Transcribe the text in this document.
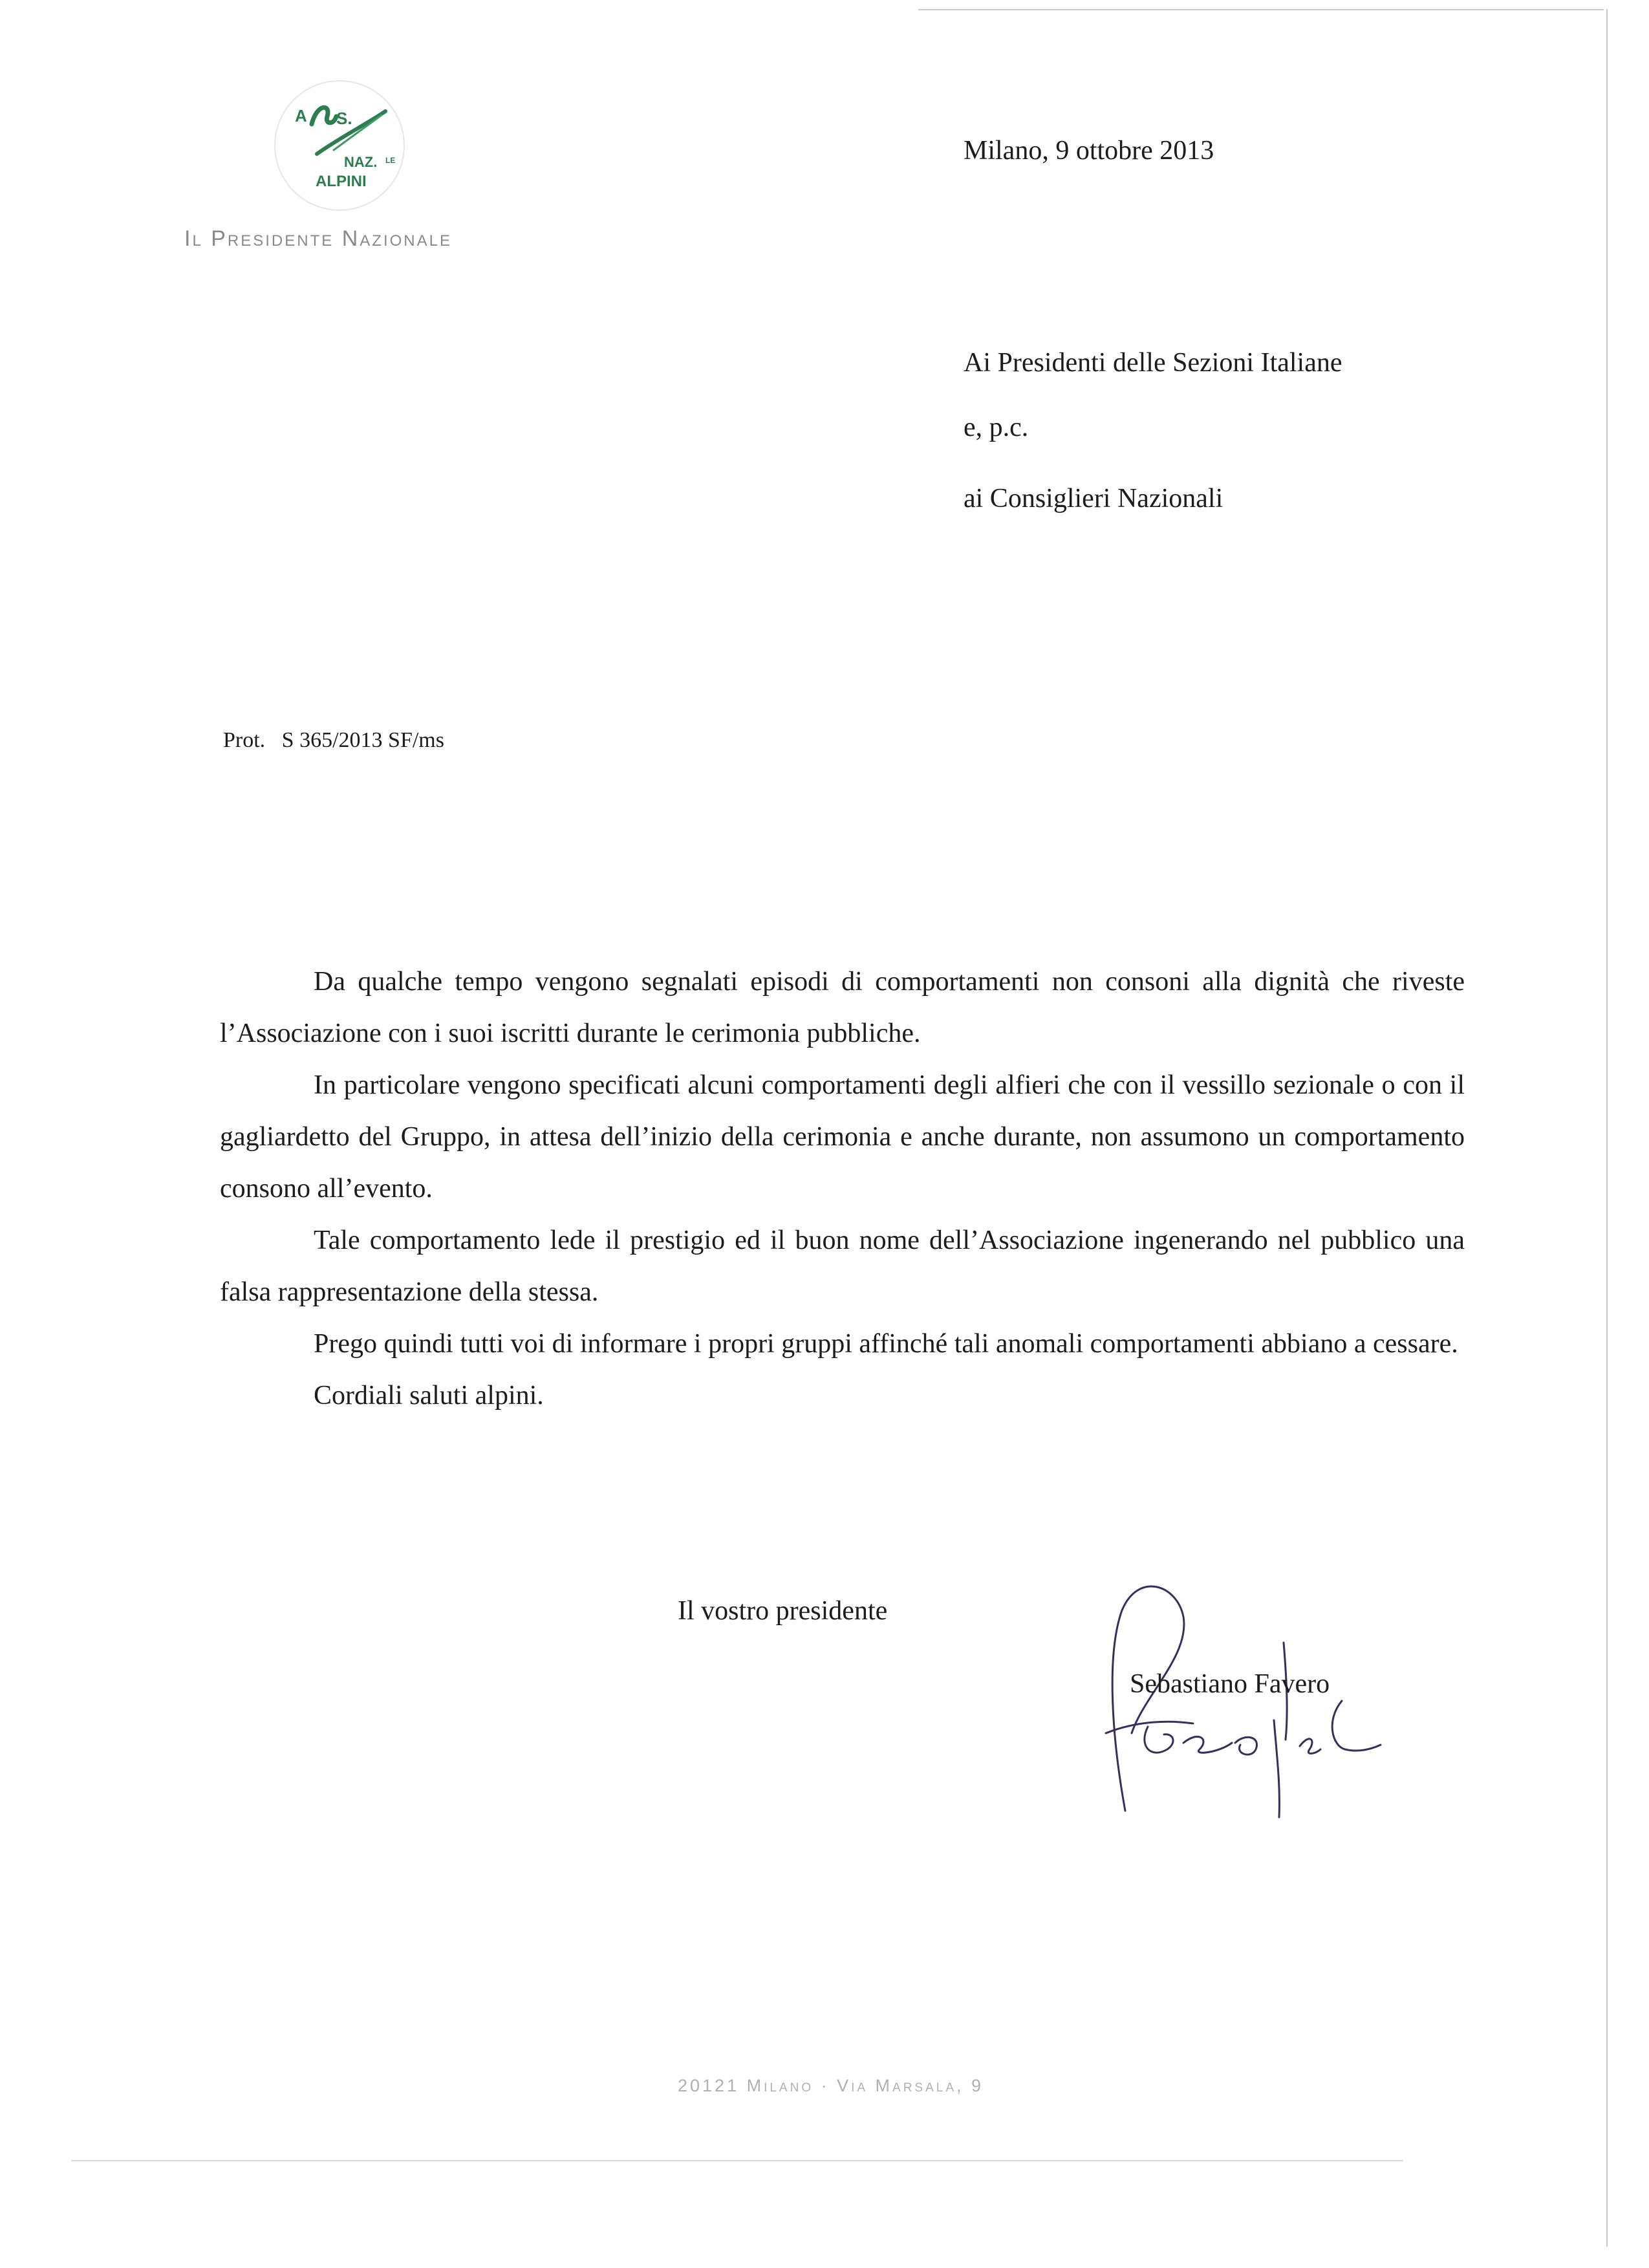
A S.
NAZ. LE
ALPINI
Il Presidente Nazionale
Milano, 9 ottobre 2013
Ai Presidenti delle Sezioni Italiane
e, p.c.
ai Consiglieri Nazionali
Prot.   S 365/2013 SF/ms

Da qualche tempo vengono segnalati episodi di comportamenti non consoni alla dignità che riveste l’Associazione con i suoi iscritti durante le cerimonia pubbliche.

In particolare vengono specificati alcuni comportamenti degli alfieri che con il vessillo sezionale o con il gagliardetto del Gruppo, in attesa dell’inizio della cerimonia e anche durante, non assumono un comportamento consono all’evento.

Tale comportamento lede il prestigio ed il buon nome dell’Associazione ingenerando nel pubblico una falsa rappresentazione della stessa.

Prego quindi tutti voi di informare i propri gruppi affinché tali anomali comportamenti abbiano a cessare.

Cordiali saluti alpini.

Il vostro presidente
Sebastiano Favero
20121 Milano · Via Marsala, 9
